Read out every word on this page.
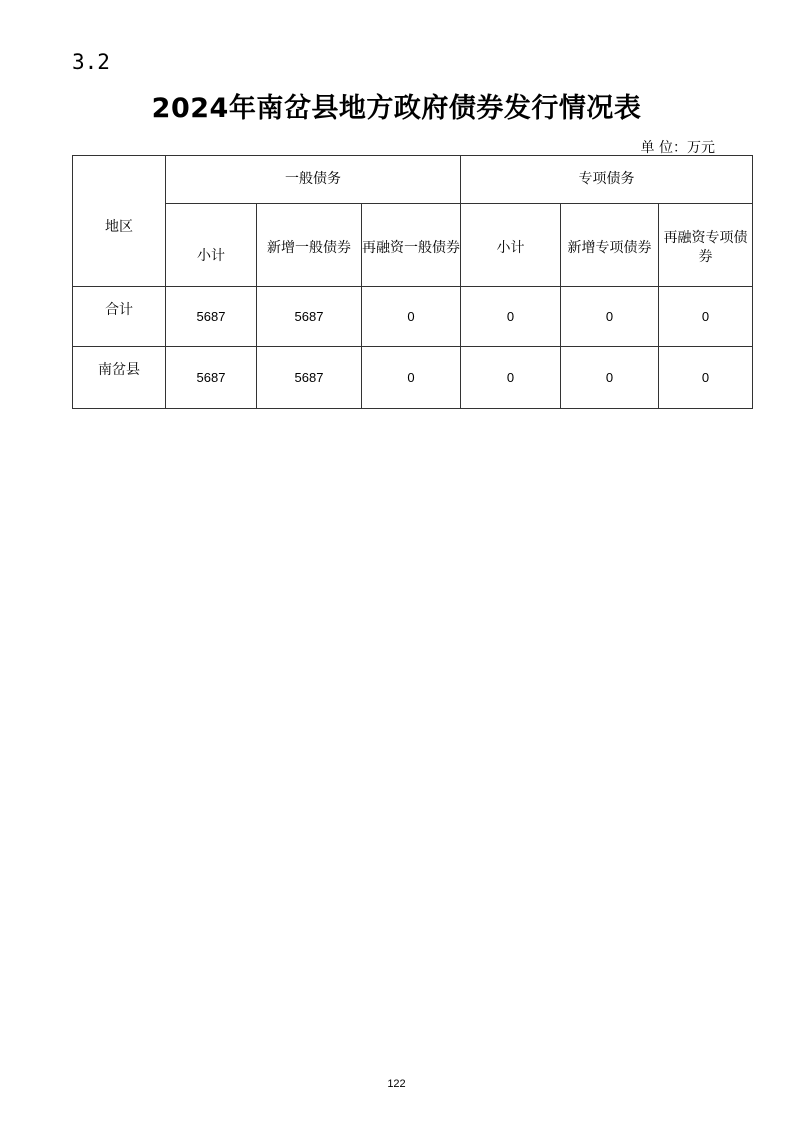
3.2
2024年南岔县地方政府债券发行情况表
单 位：万元
地区	一般债务			专项债务		
	小计	新增一般债券	再融资一般债券	小计	新增专项债券	再融资专项债券
合计	5687	5687	0	0	0	0
南岔县	5687	5687	0	0	0	0
122
